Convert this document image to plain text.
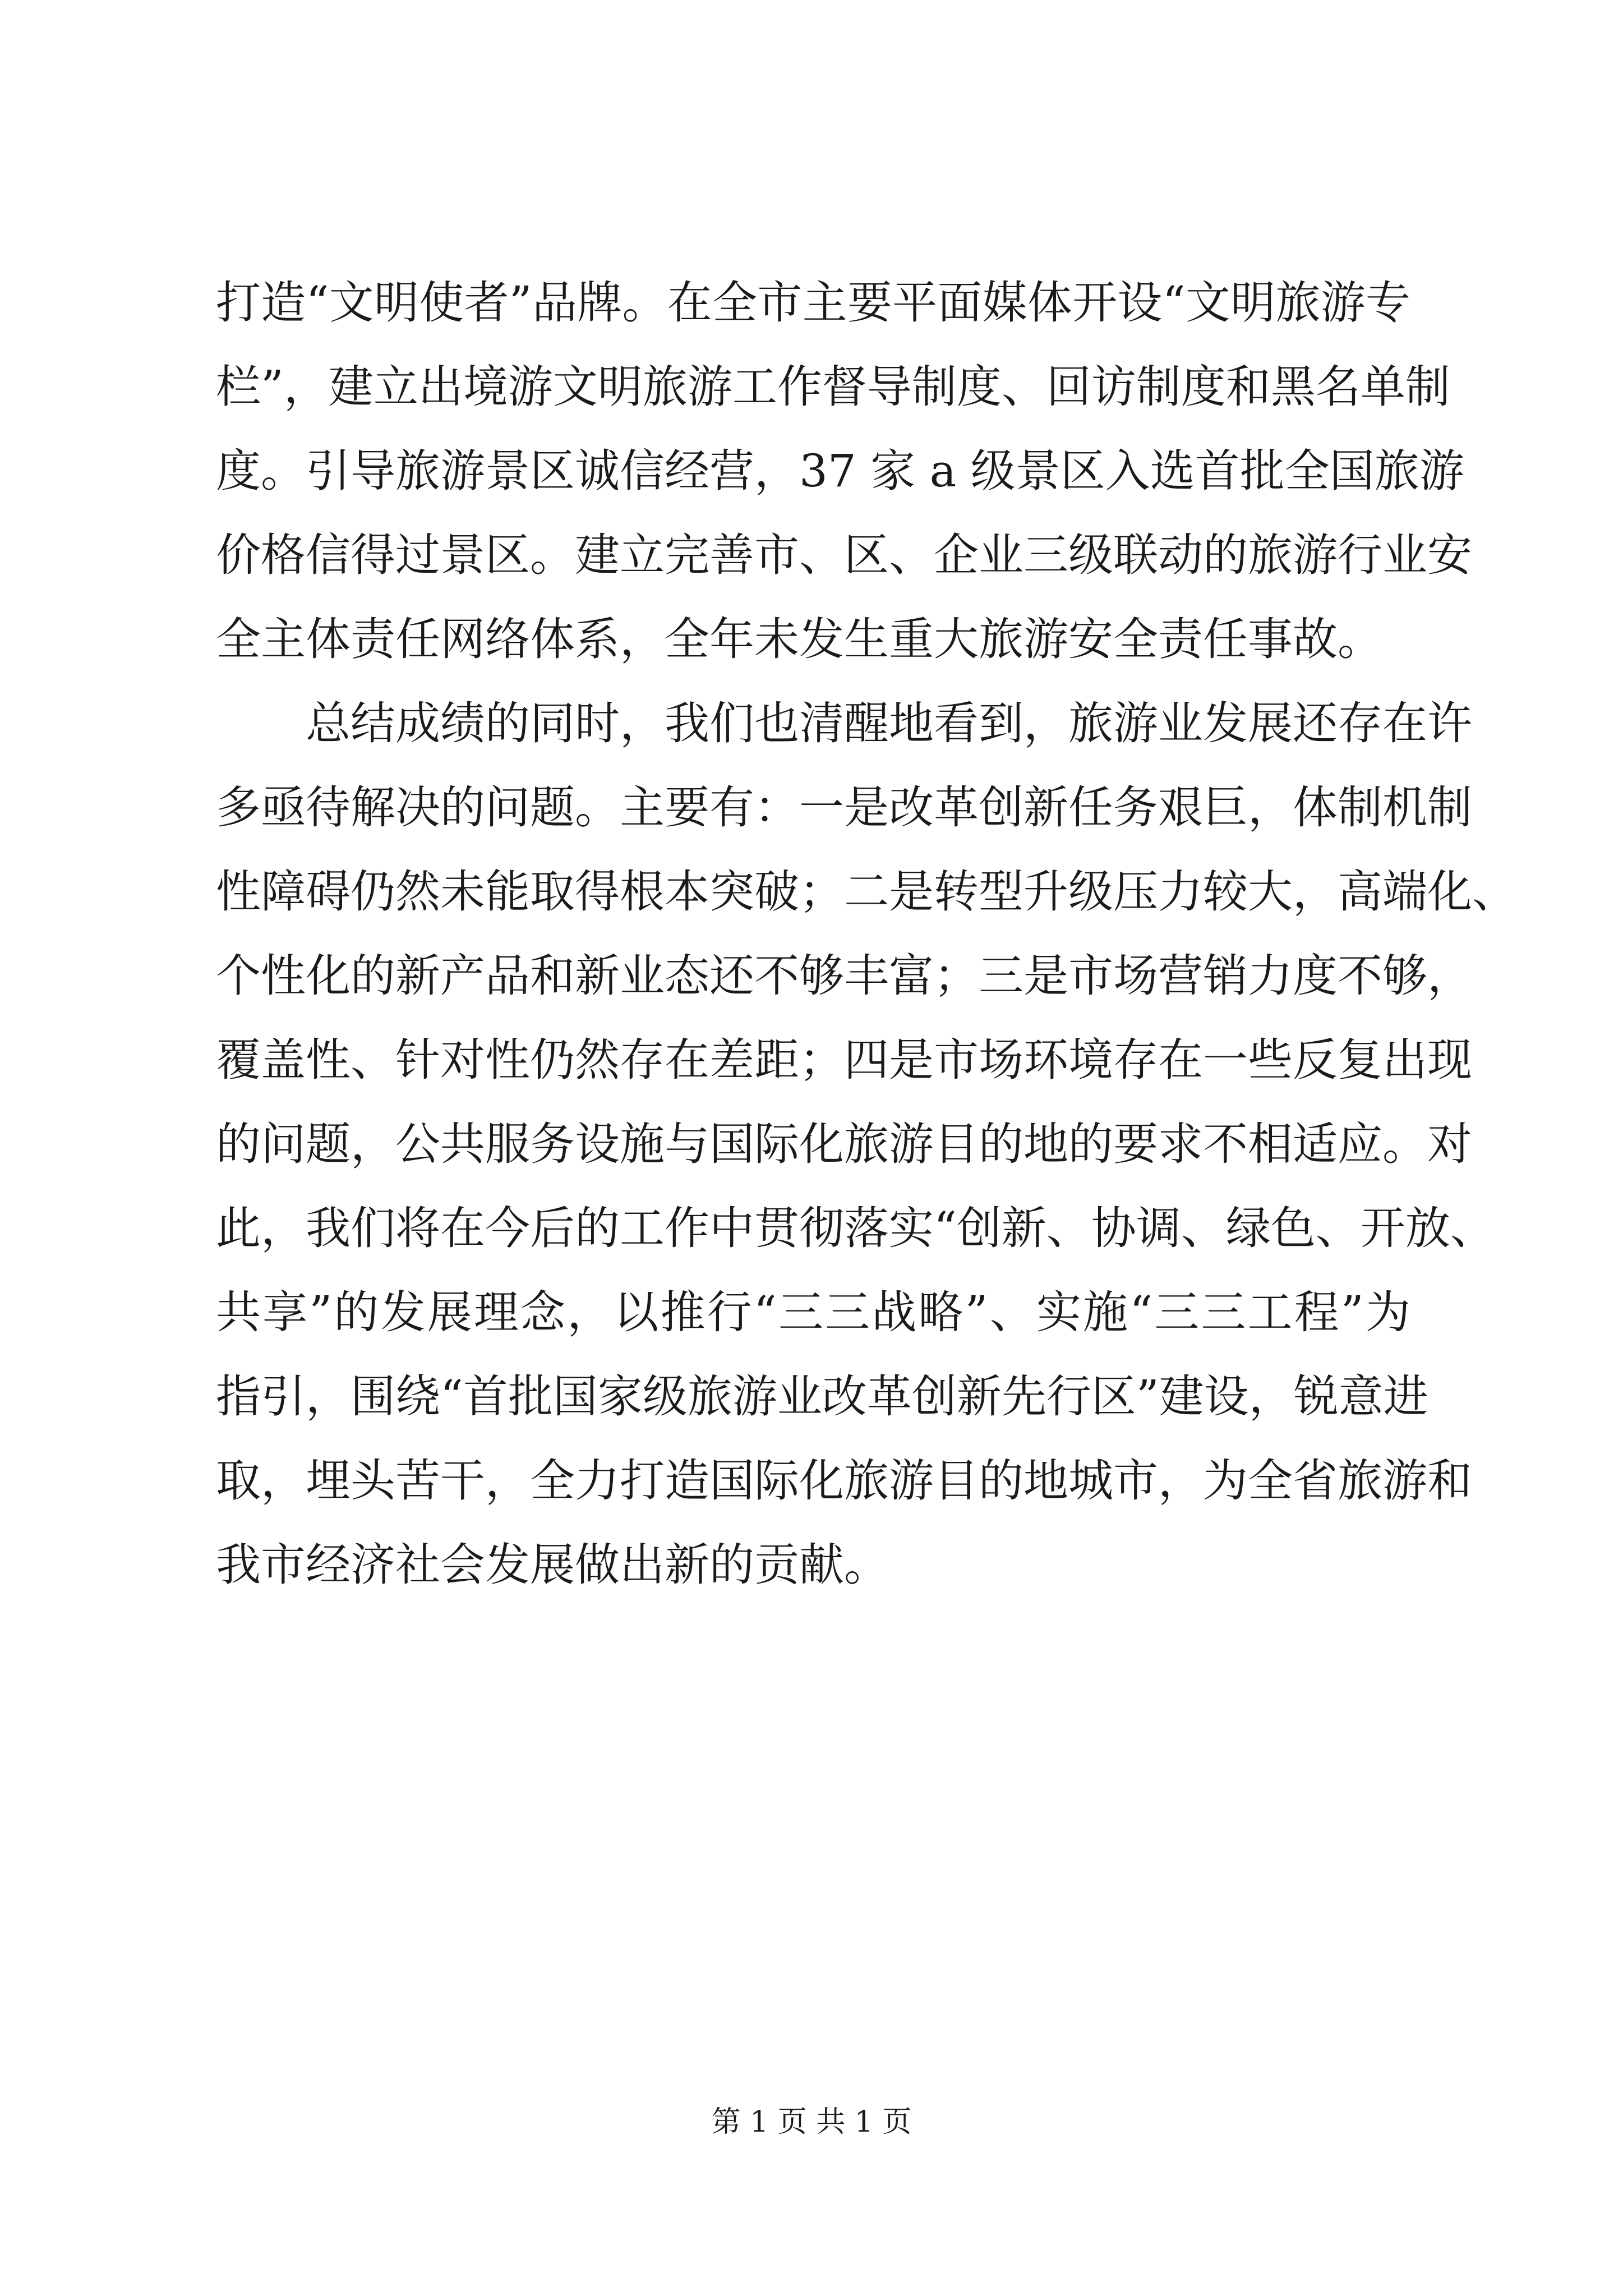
打造“文明使者”品牌。在全市主要平面媒体开设“文明旅游专
栏”，建立出境游文明旅游工作督导制度、回访制度和黑名单制
度。引导旅游景区诚信经营，37 家 a 级景区入选首批全国旅游
价格信得过景区。建立完善市、区、企业三级联动的旅游行业安
全主体责任网络体系，全年未发生重大旅游安全责任事故。
　　总结成绩的同时，我们也清醒地看到，旅游业发展还存在许
多亟待解决的问题。主要有：一是改革创新任务艰巨，体制机制
性障碍仍然未能取得根本突破；二是转型升级压力较大，高端化、
个性化的新产品和新业态还不够丰富；三是市场营销力度不够，
覆盖性、针对性仍然存在差距；四是市场环境存在一些反复出现
的问题，公共服务设施与国际化旅游目的地的要求不相适应。对
此，我们将在今后的工作中贯彻落实“创新、协调、绿色、开放、
共享”的发展理念，以推行“三三战略”、实施“三三工程”为
指引，围绕“首批国家级旅游业改革创新先行区”建设，锐意进
取，埋头苦干，全力打造国际化旅游目的地城市，为全省旅游和
我市经济社会发展做出新的贡献。
第 1 页 共 1 页
